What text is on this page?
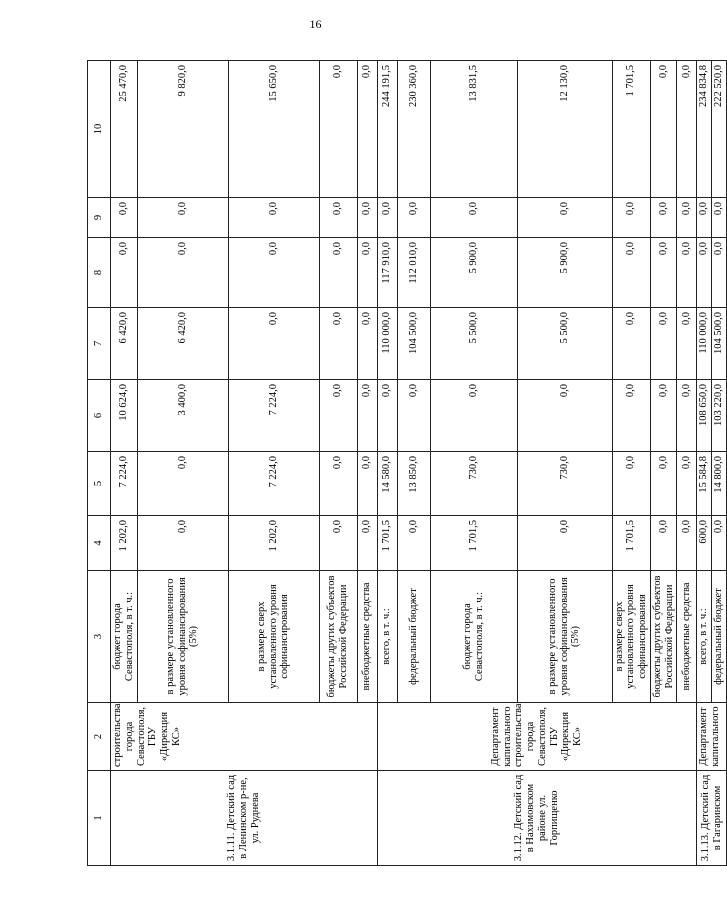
16
1	2	3	4	5	6	7	8	9	10
3.1.11. Детский сад в Ленинском р-не, ул. Руднева	строительства города Севастополя, ГБУ «Дирекция КС»	бюджет города Севастополя, в т. ч.:	1 202,0	7 224,0	10 624,0	6 420,0	0,0	0,0	25 470,0
		в размере установленного уровня софинансирования (5%)	0,0	0,0	3 400,0	6 420,0	0,0	0,0	9 820,0
		в размере сверх установленного уровня софинансирования	1 202,0	7 224,0	7 224,0	0,0	0,0	0,0	15 650,0
		бюджеты других субъектов Российской Федерации	0,0	0,0	0,0	0,0	0,0	0,0	0,0
		внебюджетные средства	0,0	0,0	0,0	0,0	0,0	0,0	0,0
3.1.12. Детский сад в Нахимовском районе ул. Горпищенко	Департамент капитального строительства города Севастополя, ГБУ «Дирекция КС»	всего, в т. ч.:	1 701,5	14 580,0	0,0	110 000,0	117 910,0	0,0	244 191,5
		федеральный бюджет	0,0	13 850,0	0,0	104 500,0	112 010,0	0,0	230 360,0
		бюджет города Севастополя, в т. ч.:	1 701,5	730,0	0,0	5 500,0	5 900,0	0,0	13 831,5
		в размере установленного уровня софинансирования (5%)	0,0	730,0	0,0	5 500,0	5 900,0	0,0	12 130,0
		в размере сверх установленного уровня софинансирования	1 701,5	0,0	0,0	0,0	0,0	0,0	1 701,5
		бюджеты других субъектов Российской Федерации	0,0	0,0	0,0	0,0	0,0	0,0	0,0
		внебюджетные средства	0,0	0,0	0,0	0,0	0,0	0,0	0,0
3.1.13. Детский сад в Гагаринском	Департамент капитального	всего, в т. ч.:	600,0	15 584,8	108 650,0	110 000,0	0,0	0,0	234 834,8
		федеральный бюджет	0,0	14 800,0	103 220,0	104 500,0	0,0	0,0	222 520,0
